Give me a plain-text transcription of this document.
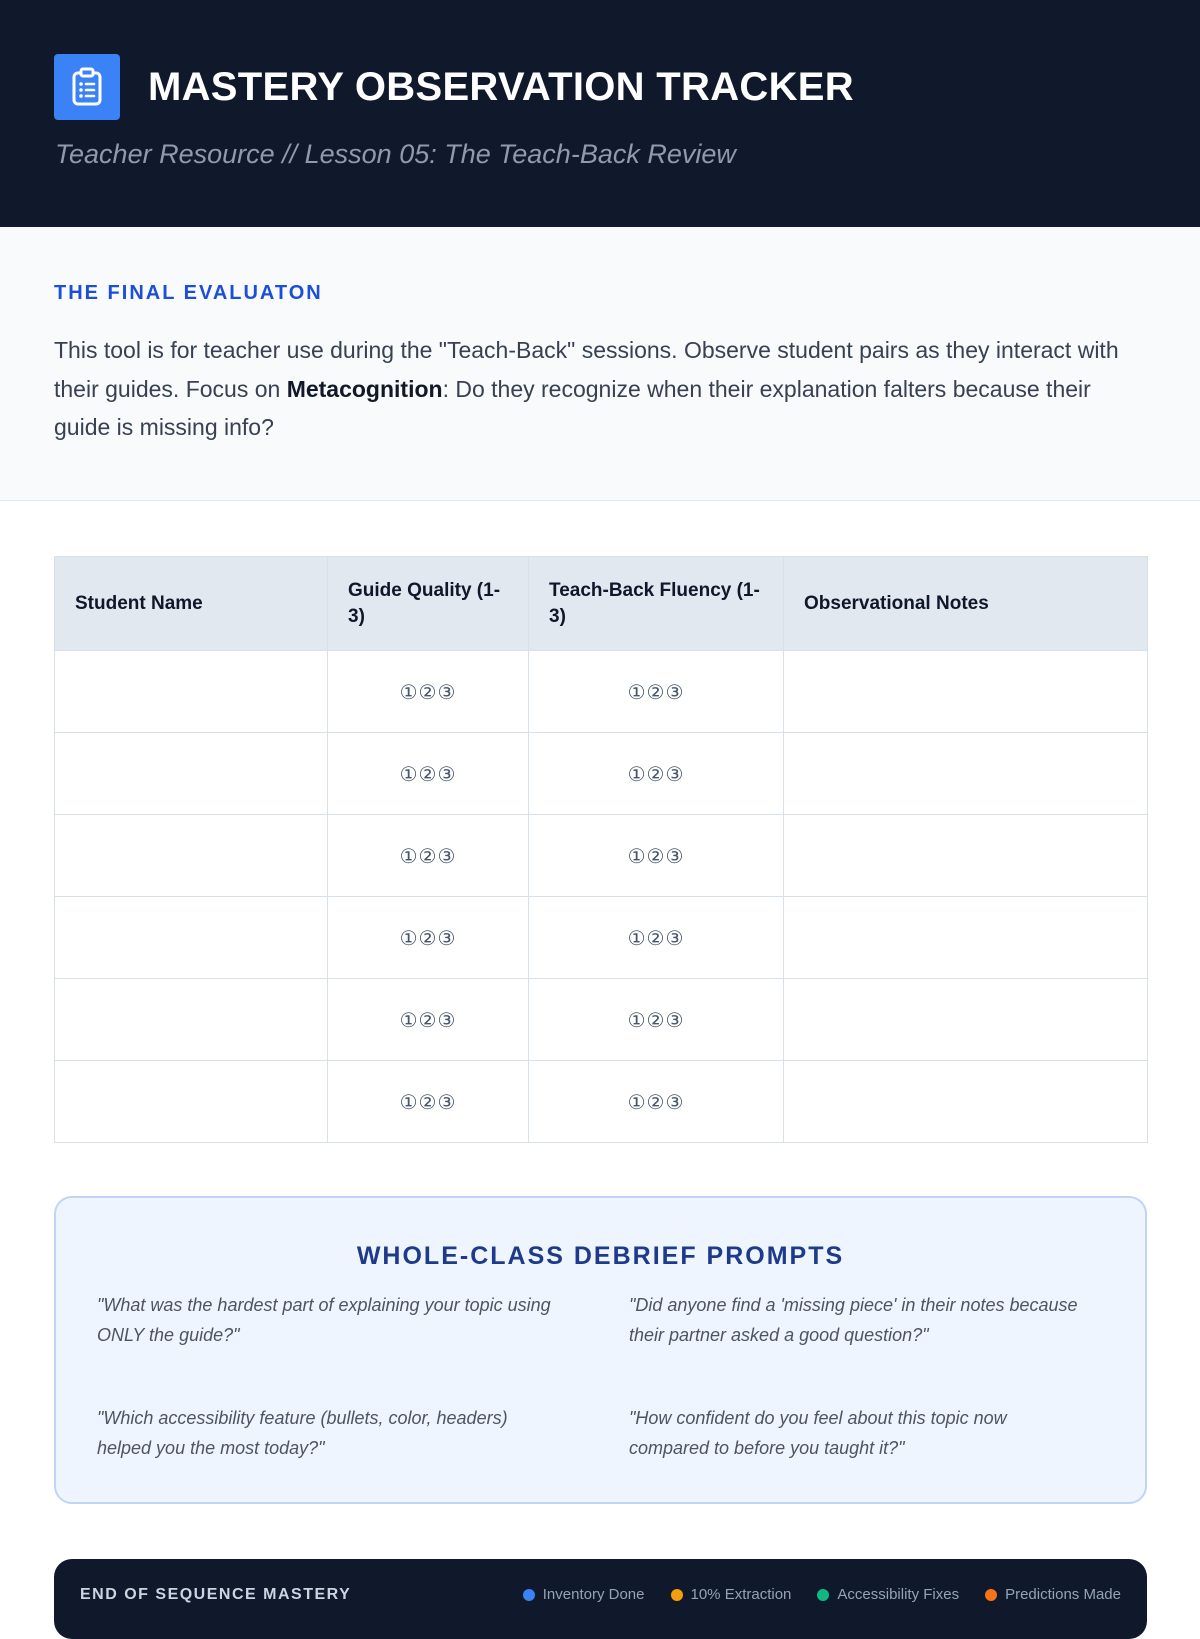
MASTERY OBSERVATION TRACKER

Teacher Resource // Lesson 05: The Teach-Back Review

THE FINAL EVALUATON

This tool is for teacher use during the "Teach-Back" sessions. Observe student pairs as they interact with their guides. Focus on Metacognition: Do they recognize when their explanation falters because their guide is missing info?

Student Name	Guide Quality (1-3)	Teach-Back Fluency (1-3)	Observational Notes
	①②③	①②③	
	①②③	①②③	
	①②③	①②③	
	①②③	①②③	
	①②③	①②③	
	①②③	①②③	
WHOLE-CLASS DEBRIEF PROMPTS

"What was the hardest part of explaining your topic using ONLY the guide?"

"Did anyone find a 'missing piece' in their notes because their partner asked a good question?"

"Which accessibility feature (bullets, color, headers) helped you the most today?"

"How confident do you feel about this topic now compared to before you taught it?"

END OF SEQUENCE MASTERY	Inventory Done	10% Extraction	Accessibility Fixes	Predictions Made
